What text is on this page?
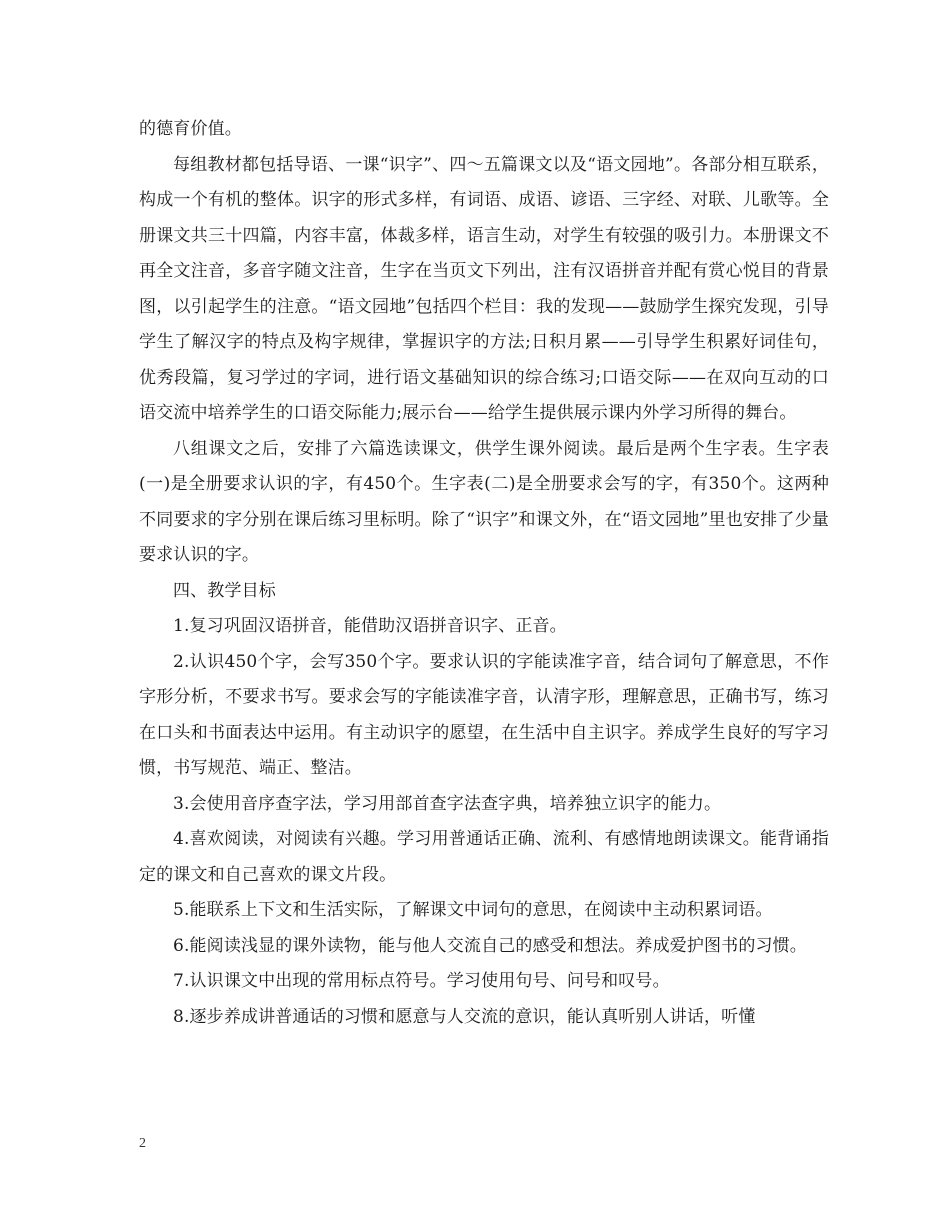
的德育价值。

每组教材都包括导语、一课“识字”、四～五篇课文以及“语文园地”。各部分相互联系，构成一个有机的整体。识字的形式多样，有词语、成语、谚语、三字经、对联、儿歌等。全册课文共三十四篇，内容丰富，体裁多样，语言生动，对学生有较强的吸引力。本册课文不再全文注音，多音字随文注音，生字在当页文下列出，注有汉语拼音并配有赏心悦目的背景图，以引起学生的注意。“语文园地”包括四个栏目：我的发现——鼓励学生探究发现，引导学生了解汉字的特点及构字规律，掌握识字的方法;日积月累——引导学生积累好词佳句，优秀段篇，复习学过的字词，进行语文基础知识的综合练习;口语交际——在双向互动的口语交流中培养学生的口语交际能力;展示台——给学生提供展示课内外学习所得的舞台。

八组课文之后，安排了六篇选读课文，供学生课外阅读。最后是两个生字表。生字表(一)是全册要求认识的字，有450个。生字表(二)是全册要求会写的字，有350个。这两种不同要求的字分别在课后练习里标明。除了“识字”和课文外，在“语文园地”里也安排了少量要求认识的字。

四、教学目标

1.复习巩固汉语拼音，能借助汉语拼音识字、正音。

2.认识450个字，会写350个字。要求认识的字能读准字音，结合词句了解意思，不作字形分析，不要求书写。要求会写的字能读准字音，认清字形，理解意思，正确书写，练习在口头和书面表达中运用。有主动识字的愿望，在生活中自主识字。养成学生良好的写字习惯，书写规范、端正、整洁。

3.会使用音序查字法，学习用部首查字法查字典，培养独立识字的能力。

4.喜欢阅读，对阅读有兴趣。学习用普通话正确、流利、有感情地朗读课文。能背诵指定的课文和自己喜欢的课文片段。

5.能联系上下文和生活实际，了解课文中词句的意思，在阅读中主动积累词语。

6.能阅读浅显的课外读物，能与他人交流自己的感受和想法。养成爱护图书的习惯。

7.认识课文中出现的常用标点符号。学习使用句号、问号和叹号。

8.逐步养成讲普通话的习惯和愿意与人交流的意识，能认真听别人讲话，听懂

2
